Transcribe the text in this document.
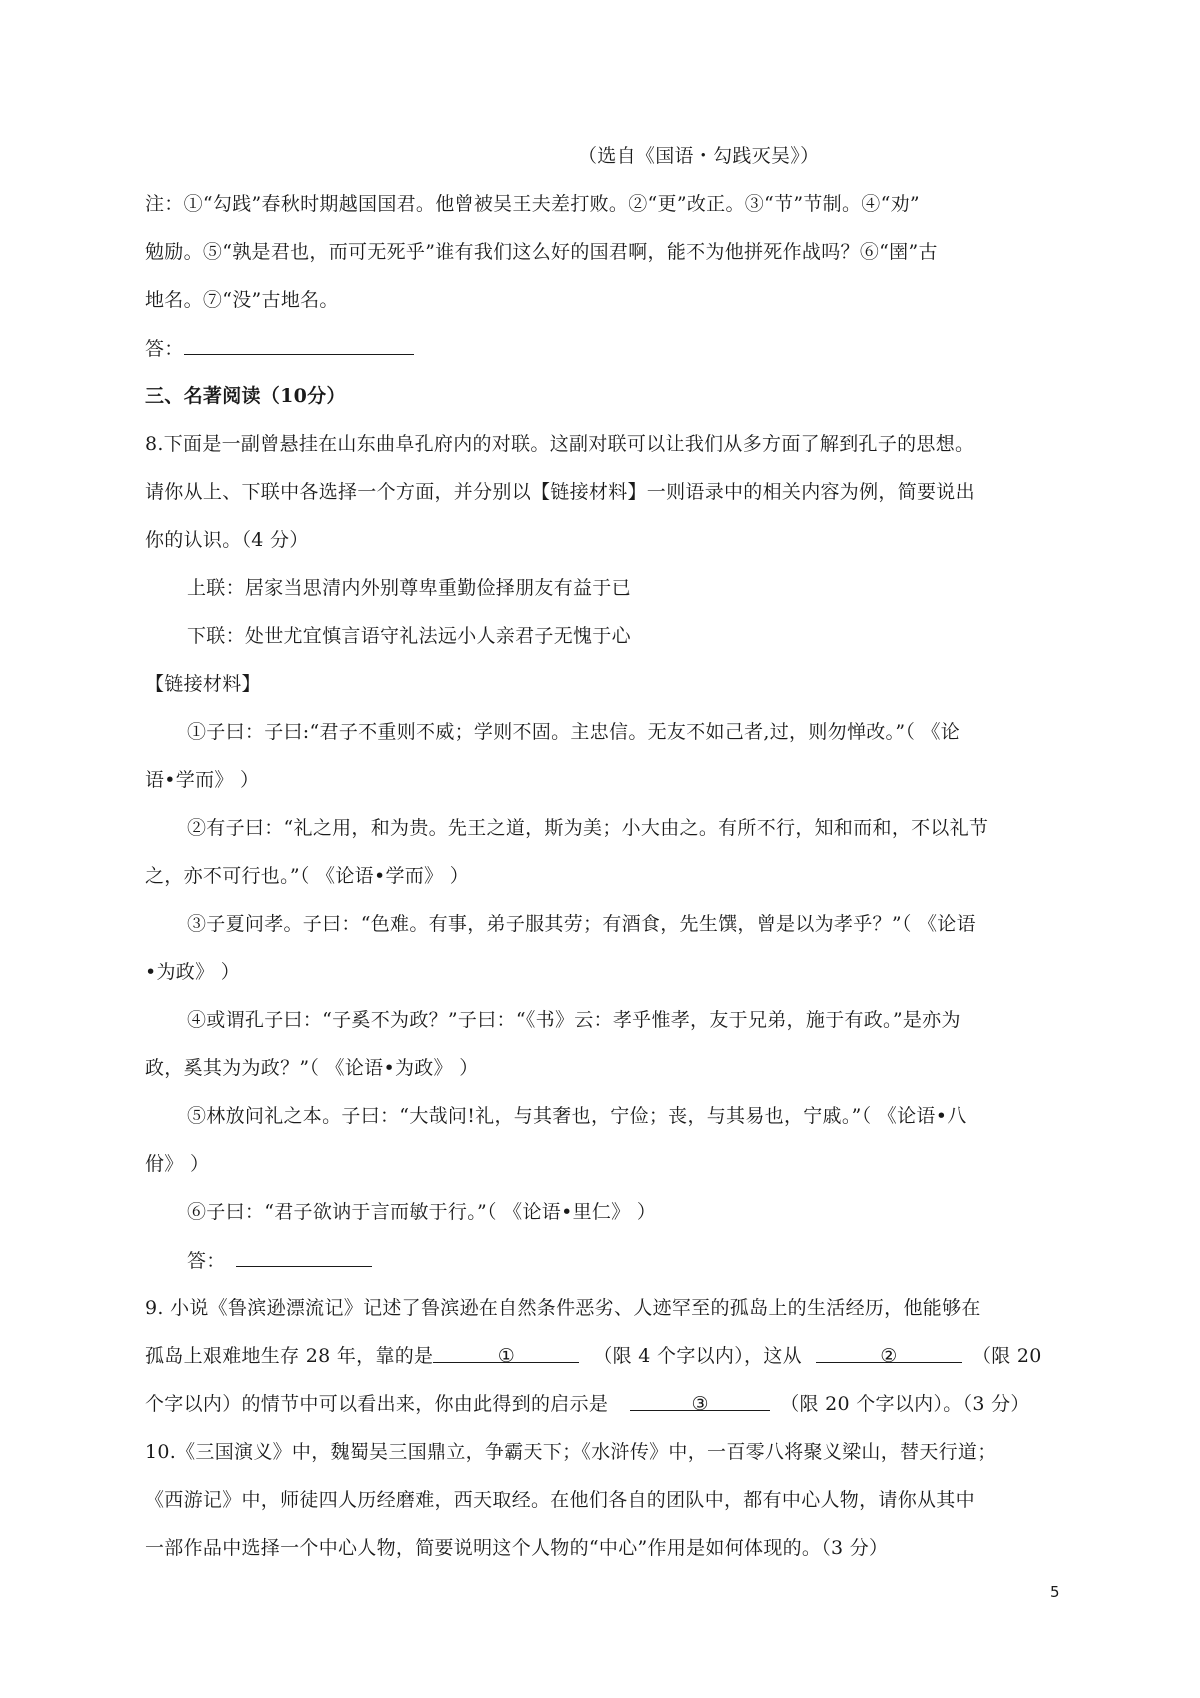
（选自《国语・勾践灭吴》）
注：①“勾践”春秋时期越国国君。他曾被吴王夫差打败。②“更”改正。③“节”节制。④“劝”
勉励。⑤“孰是君也，而可无死乎”谁有我们这么好的国君啊，能不为他拼死作战吗？⑥“圉”古
地名。⑦“没”古地名。
答：
三、名著阅读（10分）
8.下面是一副曾悬挂在山东曲阜孔府内的对联。这副对联可以让我们从多方面了解到孔子的思想。
请你从上、下联中各选择一个方面，并分别以【链接材料】一则语录中的相关内容为例，简要说出
你的认识。（4 分）
上联：居家当思清内外别尊卑重勤俭择朋友有益于已
下联：处世尤宜慎言语守礼法远小人亲君子无愧于心
【链接材料】
①子曰：子曰:“君子不重则不威；学则不固。主忠信。无友不如己者,过，则勿惮改。”（ 《论
语•学而》 ）
②有子曰：“礼之用，和为贵。先王之道，斯为美；小大由之。有所不行，知和而和，不以礼节
之，亦不可行也。”（ 《论语•学而》 ）
③子夏问孝。子曰：“色难。有事，弟子服其劳；有酒食，先生馔，曾是以为孝乎？”（ 《论语
•为政》 ）
④或谓孔子曰：“子奚不为政？”子曰：“《书》云：孝乎惟孝，友于兄弟，施于有政。”是亦为
政，奚其为为政？”（ 《论语•为政》 ）
⑤林放问礼之本。子曰：“大哉问!礼，与其奢也，宁俭；丧，与其易也，宁戚。”（ 《论语•八
佾》 ）
⑥子曰：“君子欲讷于言而敏于行。”（ 《论语•里仁》 ）
答：
9. 小说《鲁滨逊漂流记》记述了鲁滨逊在自然条件恶劣、人迹罕至的孤岛上的生活经历，他能够在
孤岛上艰难地生存 28 年，靠的是	①	（限 4 个字以内），这从	②	（限 20
个字以内）的情节中可以看出来，你由此得到的启示是	③	（限 20 个字以内）。（3 分）
10.《三国演义》中，魏蜀吴三国鼎立，争霸天下；《水浒传》中，一百零八将聚义梁山，替天行道；
《西游记》中，师徒四人历经磨难，西天取经。在他们各自的团队中，都有中心人物，请你从其中
一部作品中选择一个中心人物，简要说明这个人物的“中心”作用是如何体现的。（3 分）
5
